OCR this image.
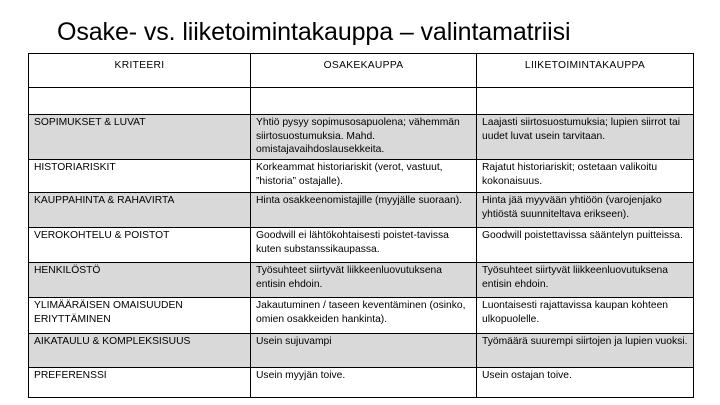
Osake- vs. liiketoimintakauppa – valintamatriisi
KRITEERI	OSAKEKAUPPA	LIIKETOIMINTAKAUPPA

SOPIMUKSET & LUVAT	Yhtiö pysyy sopimusosapuolena; vähemmän siirtosuostumuksia. Mahd. omistajavaihdoslausekkeita.	Laajasti siirtosuostumuksia; lupien siirrot tai uudet luvat usein tarvitaan.
HISTORIARISKIT	Korkeammat historiariskit (verot, vastuut, ”historia” ostajalle).	Rajatut historiariskit; ostetaan valikoitu kokonaisuus.
KAUPPAHINTA & RAHAVIRTA	Hinta osakkeenomistajille (myyjälle suoraan).	Hinta jää myyvään yhtiöön (varojenjako yhtiöstä suunniteltava erikseen).
VEROKOHTELU & POISTOT	Goodwill ei lähtökohtaisesti poistet-tavissa kuten substanssikaupassa.	Goodwill poistettavissa sääntelyn puitteissa.
HENKILÖSTÖ	Työsuhteet siirtyvät liikkeenluovutuksena entisin ehdoin.	Työsuhteet siirtyvät liikkeenluovutuksena entisin ehdoin.
YLIMÄÄRÄISEN OMAISUUDEN ERIYTTÄMINEN	Jakautuminen / taseen keventäminen (osinko, omien osakkeiden hankinta).	Luontaisesti rajattavissa kaupan kohteen ulkopuolelle.
AIKATAULU & KOMPLEKSISUUS	Usein sujuvampi	Työmäärä suurempi siirtojen ja lupien vuoksi.
PREFERENSSI	Usein myyjän toive.	Usein ostajan toive.
